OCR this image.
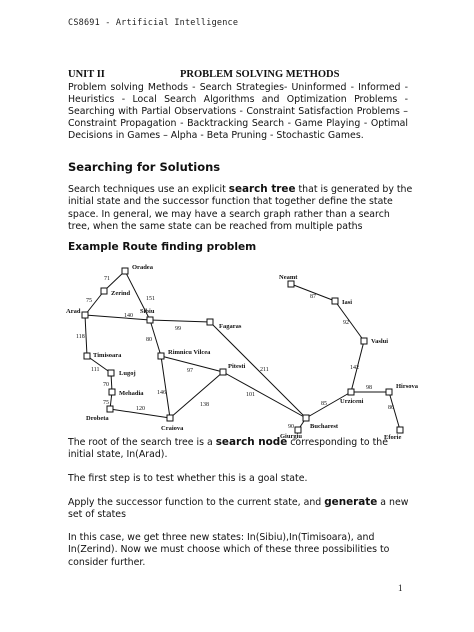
CS8691 - Artificial Intelligence
UNIT II	PROBLEM SOLVING METHODS
Problem solving Methods - Search Strategies- Uninformed - Informed - Heuristics - Local Search Algorithms and Optimization Problems - Searching with Partial Observations - Constraint Satisfaction Problems – Constraint Propagation - Backtracking Search - Game Playing - Optimal Decisions in Games – Alpha - Beta Pruning - Stochastic Games.
Searching for Solutions
Search techniques use an explicit search tree that is generated by the initial state and the successor function that together define the state space. In general, we may have a search graph rather than a search tree, when the same state can be reached from multiple paths
Example Route finding problem
Oradea
Zerind
Arad
Timisoara
Lugoj
Mehadia
Drobeta
Sibiu
Rimnicu Vilcea
Fagaras
Pitesti
Craiova	Bucharest
Giurgiu
Urziceni
Hirsova
Eforie
Vaslui
Iasi
Neamt
71
151
75
140
118
111
70
75
120
80
99
97
146
138
211
101
90
85
98
86
142
92
87
The root of the search tree is a search node corresponding to the initial state, In(Arad).
The first step is to test whether this is a goal state.
Apply the successor function to the current state, and generate a new set of states
In this case, we get three new states: In(Sibiu),In(Timisoara), and In(Zerind). Now we must choose which of these three possibilities to consider further.
1
